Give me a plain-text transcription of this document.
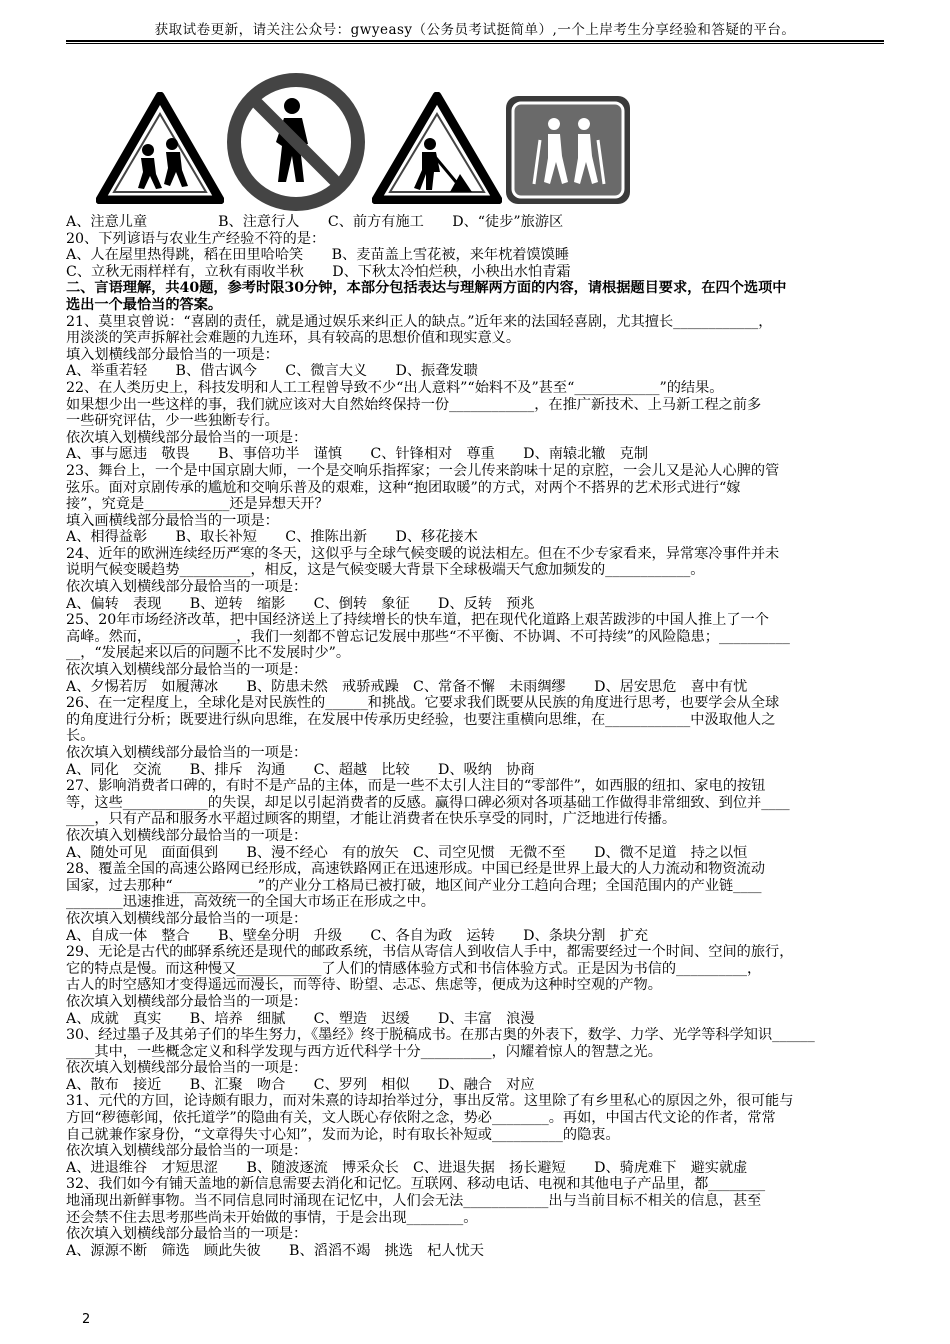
获取试卷更新，请关注公众号：gwyeasy（公务员考试挺简单）,一个上岸考生分享经验和答疑的平台。
A、注意儿童　　　　　B、注意行人　　C、前方有施工　　D、“徒步”旅游区
20、下列谚语与农业生产经验不符的是：
A、人在屋里热得跳，稻在田里哈哈笑　　B、麦苗盖上雪花被，来年枕着馍馍睡
C、立秋无雨样样有，立秋有雨收半秋　　D、下秋太冷怕烂秧，小秧出水怕青霜
二、言语理解，共40题，参考时限30分钟，本部分包括表达与理解两方面的内容，请根据题目要求，在四个选项中
选出一个最恰当的答案。
21、莫里哀曾说：“喜剧的责任，就是通过娱乐来纠正人的缺点。”近年来的法国轻喜剧，尤其擅长____________，
用淡淡的笑声拆解社会难题的九连环，具有较高的思想价值和现实意义。
填入划横线部分最恰当的一项是：
A、举重若轻　　B、借古讽今　　C、微言大义　　D、振聋发聩
22、在人类历史上，科技发明和人工工程曾导致不少“出人意料”“始料不及”甚至“____________”的结果。
如果想少出一些这样的事，我们就应该对大自然始终保持一份____________，在推广新技术、上马新工程之前多
一些研究评估，少一些独断专行。
依次填入划横线部分最恰当的一项是：
A、事与愿违　敬畏　　B、事倍功半　谨慎　　C、针锋相对　尊重　　D、南辕北辙　克制
23、舞台上，一个是中国京剧大师，一个是交响乐指挥家；一会儿传来韵味十足的京腔，一会儿又是沁人心脾的管
弦乐。面对京剧传承的尴尬和交响乐普及的艰难，这种“抱团取暖”的方式，对两个不搭界的艺术形式进行“嫁
接”，究竟是____________还是异想天开？
填入画横线部分最恰当的一项是：
A、相得益彰　　B、取长补短　　C、推陈出新　　D、移花接木
24、近年的欧洲连续经历严寒的冬天，这似乎与全球气候变暖的说法相左。但在不少专家看来，异常寒冷事件并未
说明气候变暖趋势__________，相反，这是气候变暖大背景下全球极端天气愈加频发的____________。
依次填入划横线部分最恰当的一项是：
A、偏转　表现　　B、逆转　缩影　　C、倒转　象征　　D、反转　预兆
25、20年市场经济改革，把中国经济送上了持续增长的快车道，把在现代化道路上艰苦跋涉的中国人推上了一个
高峰。然而，____________，我们一刻都不曾忘记发展中那些“不平衡、不协调、不可持续”的风险隐患；__________
__，“发展起来以后的问题不比不发展时少”。
依次填入划横线部分最恰当的一项是：
A、夕惕若厉　如履薄冰　　B、防患未然　戒骄戒躁　C、常备不懈　未雨绸缪　　D、居安思危　喜中有忧
26、在一定程度上，全球化是对民族性的______和挑战。它要求我们既要从民族的角度进行思考，也要学会从全球
的角度进行分析；既要进行纵向思维，在发展中传承历史经验，也要注重横向思维，在____________中汲取他人之
长。
依次填入划横线部分最恰当的一项是：
A、同化　交流　　B、排斥　沟通　　C、超越　比较　　D、吸纳　协商
27、影响消费者口碑的，有时不是产品的主体，而是一些不太引人注目的“零部件”，如西服的纽扣、家电的按钮
等，这些____________的失误，却足以引起消费者的反感。赢得口碑必须对各项基础工作做得非常细致、到位并____
____，只有产品和服务水平超过顾客的期望，才能让消费者在快乐享受的同时，广泛地进行传播。
依次填入划横线部分最恰当的一项是：
A、随处可见　面面俱到　　B、漫不经心　有的放矢　C、司空见惯　无微不至　　D、微不足道　持之以恒
28、覆盖全国的高速公路网已经形成，高速铁路网正在迅速形成。中国已经是世界上最大的人力流动和物资流动
国家，过去那种“____________”的产业分工格局已被打破，地区间产业分工趋向合理；全国范围内的产业链____
________迅速推进，高效统一的全国大市场正在形成之中。
依次填入划横线部分最恰当的一项是：
A、自成一体　整合　　B、壁垒分明　升级　　C、各自为政　运转　　D、条块分割　扩充
29、无论是古代的邮驿系统还是现代的邮政系统，书信从寄信人到收信人手中，都需要经过一个时间、空间的旅行，
它的特点是慢。而这种慢又____________了人们的情感体验方式和书信体验方式。正是因为书信的__________，
古人的时空感知才变得遥远而漫长，而等待、盼望、忐忑、焦虑等，便成为这种时空观的产物。
依次填入划横线部分最恰当的一项是：
A、成就　真实　　B、培养　细腻　　C、塑造　迟缓　　D、丰富　浪漫
30、经过墨子及其弟子们的毕生努力，《墨经》终于脱稿成书。在那古奥的外表下，数学、力学、光学等科学知识______
____其中，一些概念定义和科学发现与西方近代科学十分__________，闪耀着惊人的智慧之光。
依次填入划横线部分最恰当的一项是：
A、散布　接近　　B、汇聚　吻合　　C、罗列　相似　　D、融合　对应
31、元代的方回，论诗颇有眼力，而对朱熹的诗却抬举过分，事出反常。这里除了有乡里私心的原因之外，很可能与
方回“秽德彰闻，依托道学”的隐曲有关，文人既心存依附之念，势必________。再如，中国古代文论的作者，常常
自己就兼作家身份，“文章得失寸心知”，发而为论，时有取长补短或__________的隐衷。
依次填入划横线部分最恰当的一项是：
A、进退维谷　才短思涩　　B、随波逐流　博采众长　C、进退失据　扬长避短　　D、骑虎难下　避实就虚
32、我们如今有铺天盖地的新信息需要去消化和记忆。互联网、移动电话、电视和其他电子产品里，都________
地涌现出新鲜事物。当不同信息同时涌现在记忆中，人们会无法____________出与当前目标不相关的信息，甚至
还会禁不住去思考那些尚未开始做的事情，于是会出现________。
依次填入划横线部分最恰当的一项是：
A、源源不断　筛选　顾此失彼　　B、滔滔不竭　挑选　杞人忧天
2
